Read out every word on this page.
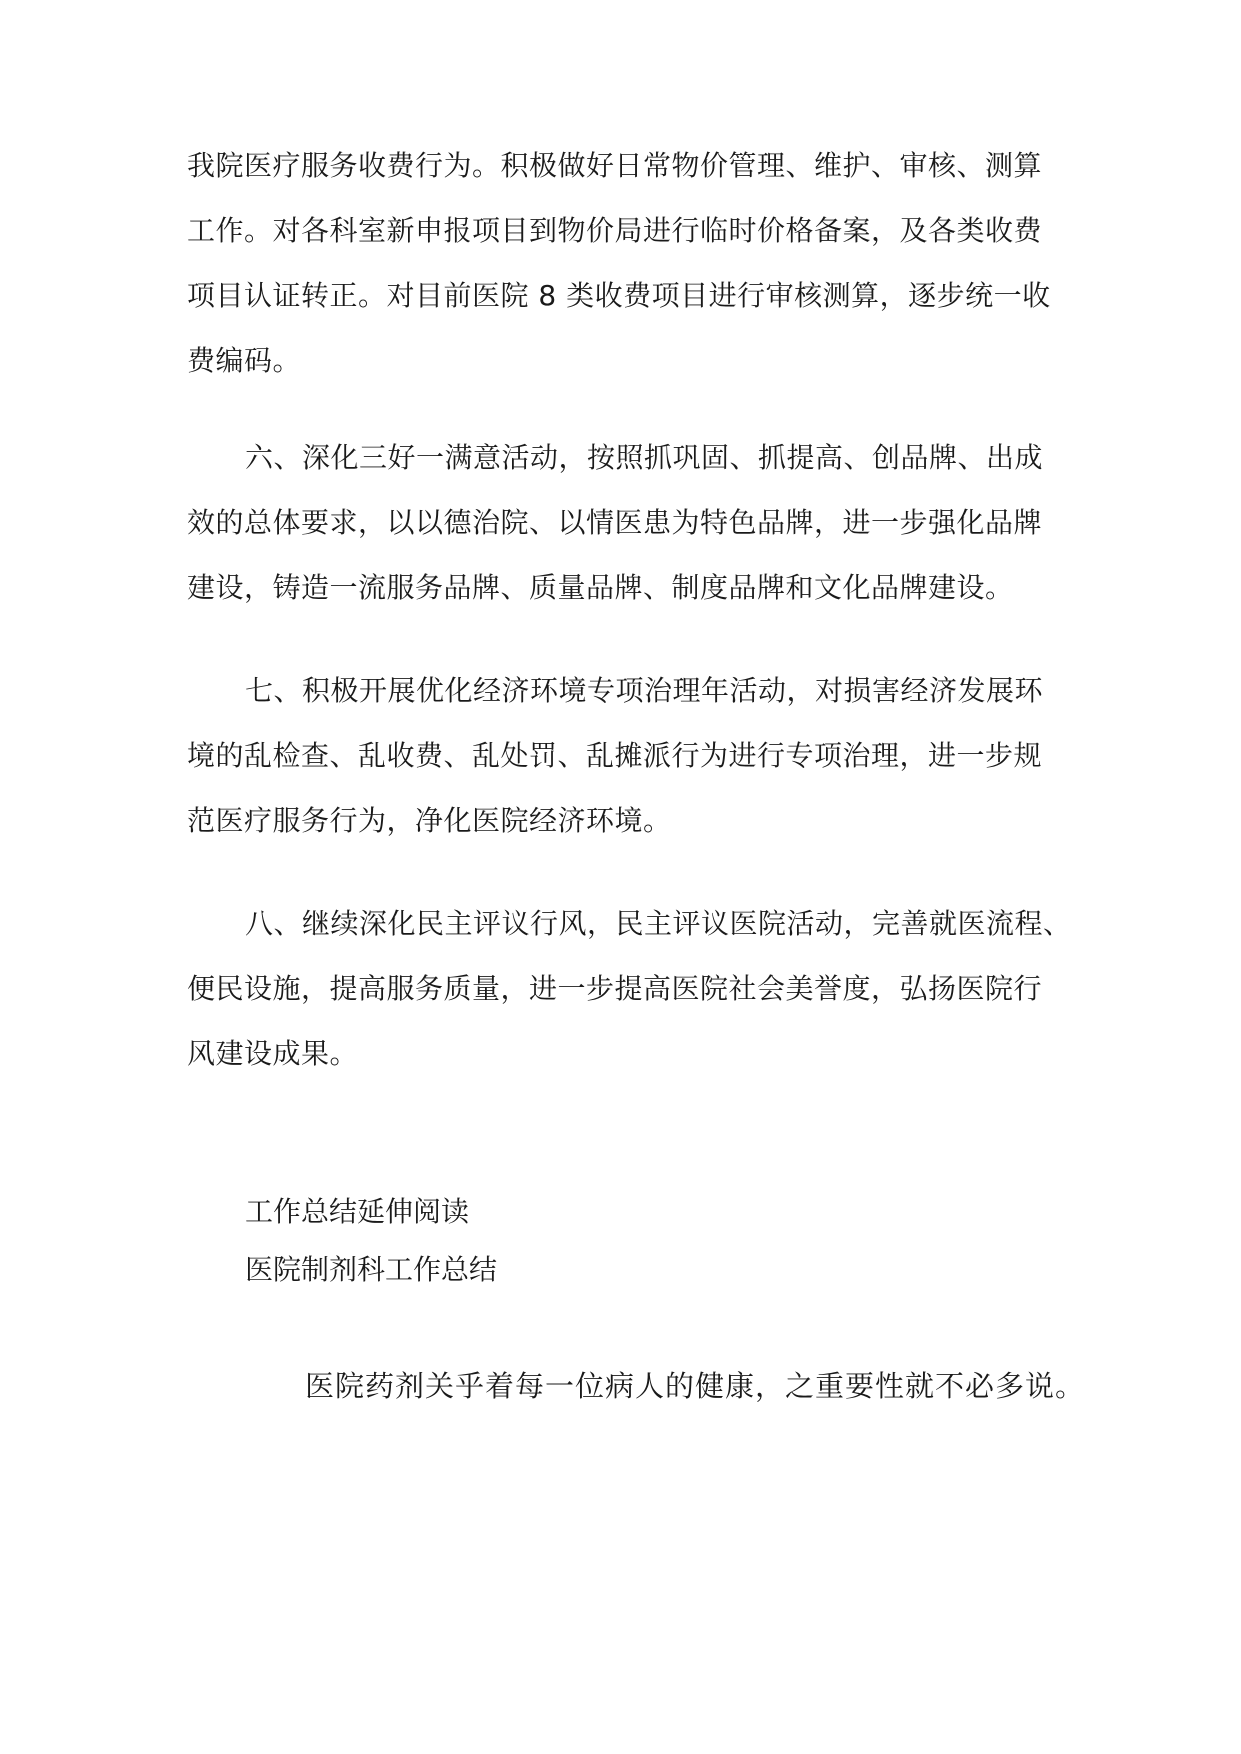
我院医疗服务收费行为。积极做好日常物价管理、维护、审核、测算
工作。对各科室新申报项目到物价局进行临时价格备案，及各类收费
项目认证转正。对目前医院 8 类收费项目进行审核测算，逐步统一收
费编码。
六、深化三好一满意活动，按照抓巩固、抓提高、创品牌、出成
效的总体要求，以以德治院、以情医患为特色品牌，进一步强化品牌
建设，铸造一流服务品牌、质量品牌、制度品牌和文化品牌建设。
七、积极开展优化经济环境专项治理年活动，对损害经济发展环
境的乱检查、乱收费、乱处罚、乱摊派行为进行专项治理，进一步规
范医疗服务行为，净化医院经济环境。
八、继续深化民主评议行风，民主评议医院活动，完善就医流程、
便民设施，提高服务质量，进一步提高医院社会美誉度，弘扬医院行
风建设成果。

工作总结延伸阅读

医院制剂科工作总结

医院药剂关乎着每一位病人的健康，之重要性就不必多说。
